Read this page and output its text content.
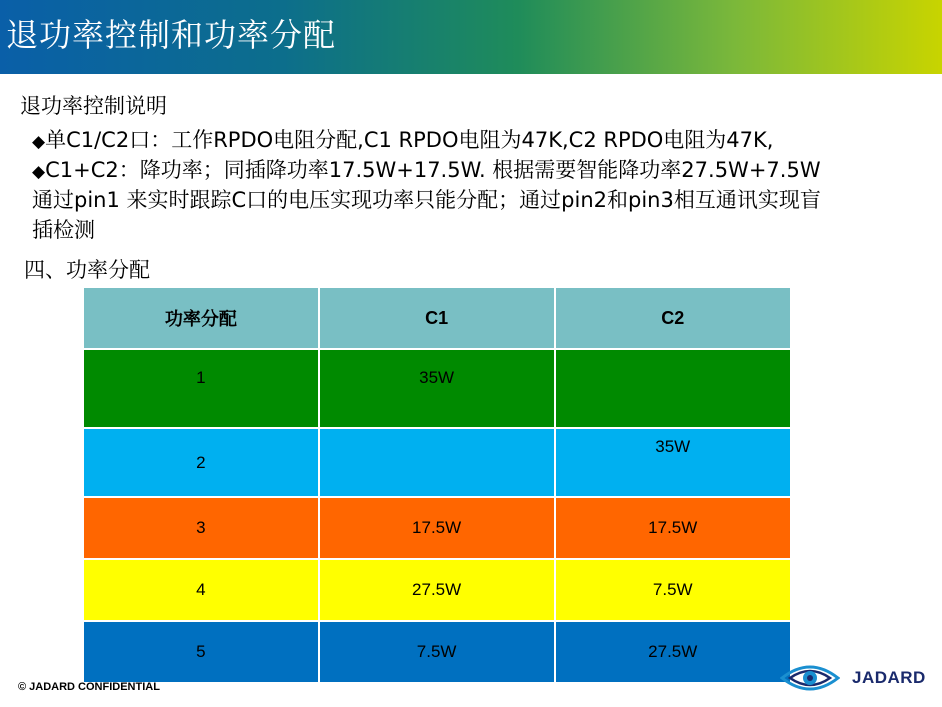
退功率控制和功率分配
退功率控制说明
◆单C1/C2口：工作RPDO电阻分配,C1 RPDO电阻为47K,C2 RPDO电阻为47K,
◆C1+C2：降功率；同插降功率17.5W+17.5W. 根据需要智能降功率27.5W+7.5W
通过pin1 来实时跟踪C口的电压实现功率只能分配；通过pin2和pin3相互通讯实现盲
插检测
四、功率分配
功率分配	C1	C2
1	35W	
2		35W
3	17.5W	17.5W
4	27.5W	7.5W
5	7.5W	27.5W
© JADARD CONFIDENTIAL	JADARD
